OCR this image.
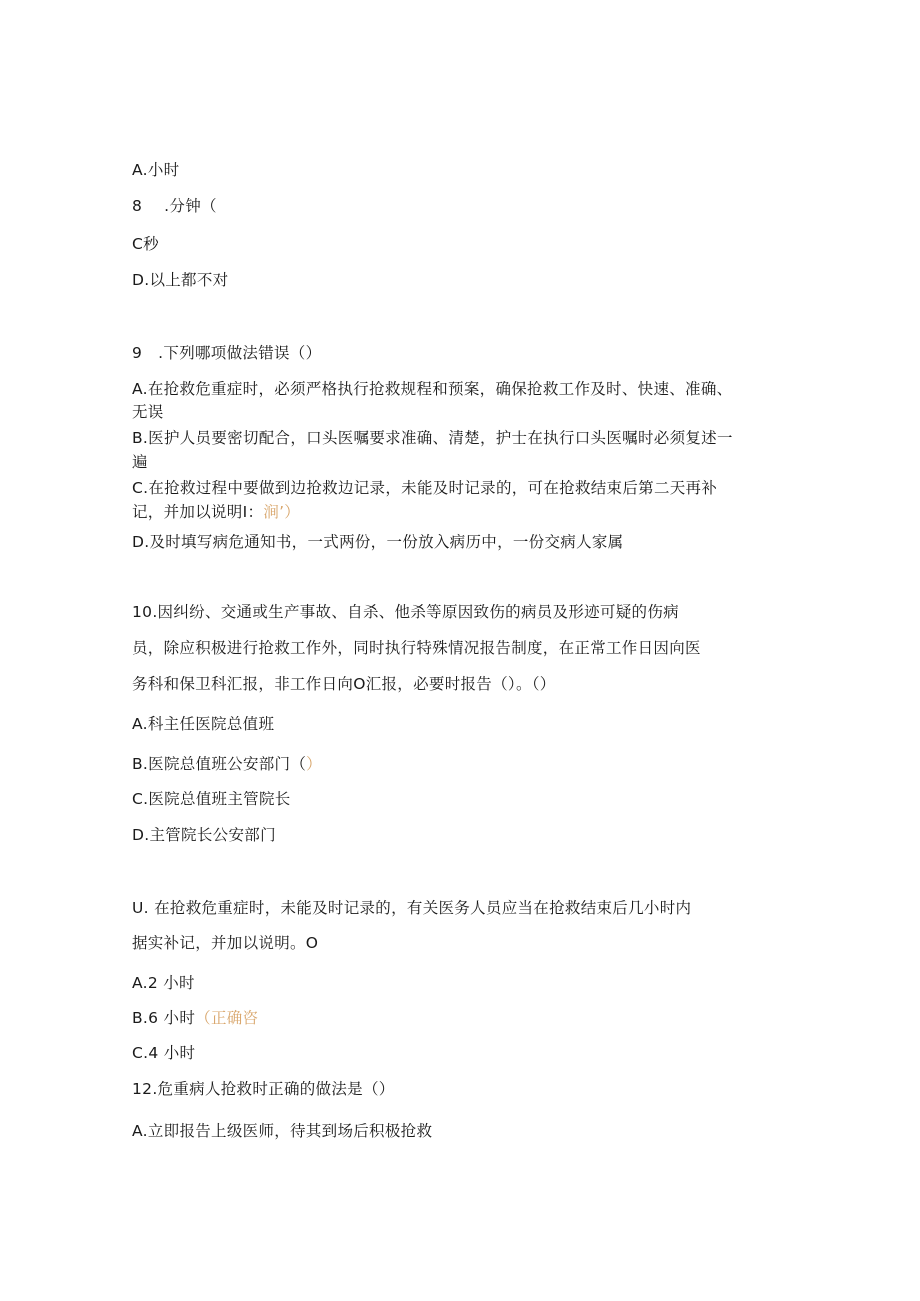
A.小时
8 .分钟（
C秒
D.以上都不对
9 .下列哪项做法错误（）
A.在抢救危重症时，必须严格执行抢救规程和预案，确保抢救工作及时、快速、准确、
无误
B.医护人员要密切配合，口头医嘱要求准确、清楚，护士在执行口头医嘱时必须复述一
遍
C.在抢救过程中要做到边抢救边记录，未能及时记录的，可在抢救结束后第二天再补
记，并加以说明I：涧’）
D.及时填写病危通知书，一式两份，一份放入病历中，一份交病人家属
10.因纠纷、交通或生产事故、自杀、他杀等原因致伤的病员及形迹可疑的伤病
员，除应积极进行抢救工作外，同时执行特殊情况报告制度，在正常工作日因向医
务科和保卫科汇报，非工作日向O汇报，必要时报告（）。（）
A.科主任医院总值班
B.医院总值班公安部门（）
C.医院总值班主管院长
D.主管院长公安部门
U. 在抢救危重症时，未能及时记录的，有关医务人员应当在抢救结束后几小时内
据实补记，并加以说明。O
A.2 小时
B.6 小时（正确咨
C.4 小时
12.危重病人抢救时正确的做法是（）
A.立即报告上级医师，待其到场后积极抢救
